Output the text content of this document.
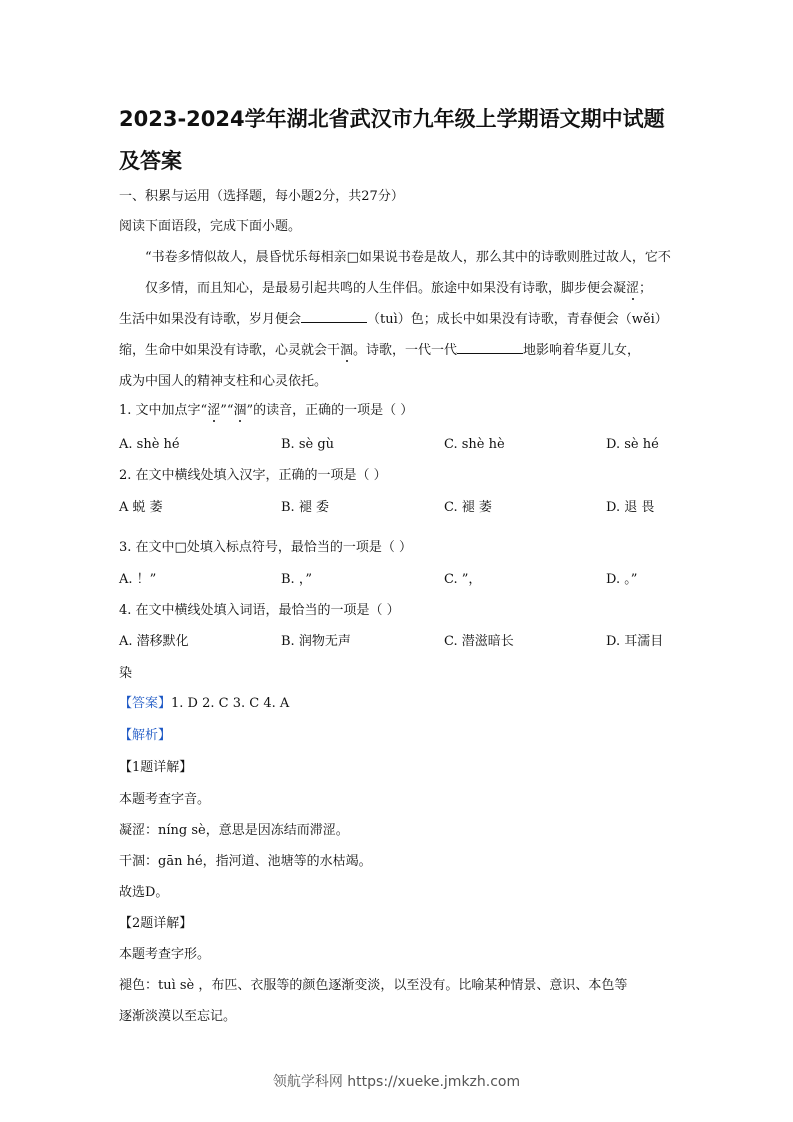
2023-2024学年湖北省武汉市九年级上学期语文期中试题及答案
一、积累与运用（选择题，每小题2分，共27分）
阅读下面语段，完成下面小题。

“书卷多情似故人，晨昏忧乐每相亲□如果说书卷是故人，那么其中的诗歌则胜过故人，它不仅多情，而且知心，是最易引起共鸣的人生伴侣。旅途中如果没有诗歌，脚步便会凝涩；

生活中如果没有诗歌，岁月便会	（tuì）色；成长中如果没有诗歌，青春便会（wěi）

缩，生命中如果没有诗歌，心灵就会干涸。诗歌，一代一代	地影响着华夏儿女，

成为中国人的精神支柱和心灵依托。

1. 文中加点字“涩”“涸”的读音，正确的一项是（ ）
A. shè hé	B. sè gù	C. shè hè	D. sè hé
2. 在文中横线处填入汉字，正确的一项是（ ）
A 蜕 萎	B. 褪 委	C. 褪 萎	D. 退 畏
3. 在文中□处填入标点符号，最恰当的一项是（ ）
A. ！”	B. ，”	C. ”，	D. 。”
4. 在文中横线处填入词语，最恰当的一项是（ ）
A. 潜移默化	B. 润物无声	C. 潜滋暗长	D. 耳濡目
染
【答案】1. D 2. C 3. C 4. A
【解析】
【1题详解】
本题考查字音。
凝涩：níng sè，意思是因冻结而滞涩。
干涸：gān hé，指河道、池塘等的水枯竭。
故选D。
【2题详解】
本题考查字形。
褪色：tuì sè ，布匹、衣服等的颜色逐渐变淡，以至没有。比喻某种情景、意识、本色等
逐渐淡漠以至忘记。
领航学科网 https://xueke.jmkzh.com
